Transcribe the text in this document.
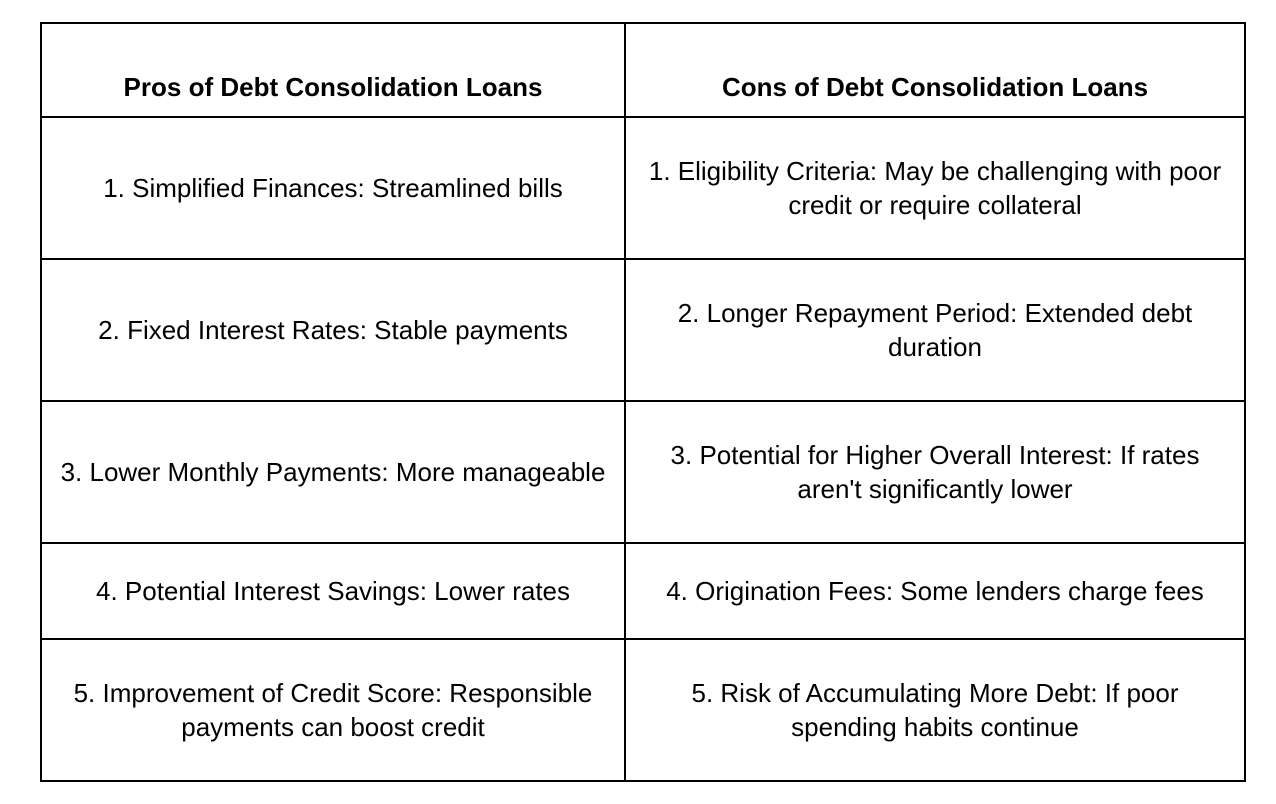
Pros of Debt Consolidation Loans	Cons of Debt Consolidation Loans
1. Simplified Finances: Streamlined bills	1. Eligibility Criteria: May be challenging with poor credit or require collateral
2. Fixed Interest Rates: Stable payments	2. Longer Repayment Period: Extended debt duration
3. Lower Monthly Payments: More manageable	3. Potential for Higher Overall Interest: If rates aren't significantly lower
4. Potential Interest Savings: Lower rates	4. Origination Fees: Some lenders charge fees
5. Improvement of Credit Score: Responsible payments can boost credit	5. Risk of Accumulating More Debt: If poor spending habits continue
